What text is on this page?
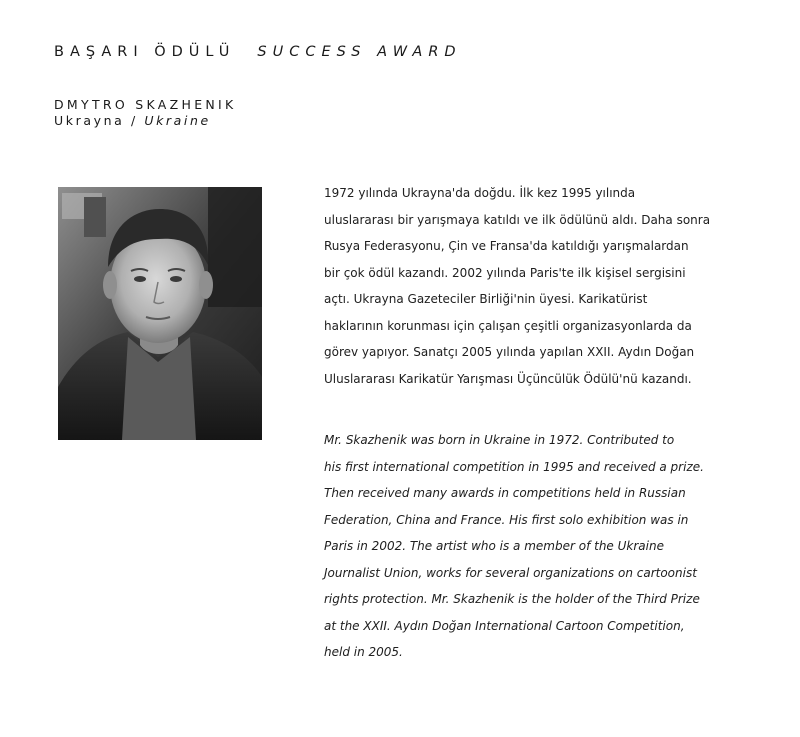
BAŞARI ÖDÜLÜ SUCCESS AWARD
DMYTRO SKAZHENIK
Ukrayna / Ukraine
1972 yılında Ukrayna'da doğdu. İlk kez 1995 yılında
uluslararası bir yarışmaya katıldı ve ilk ödülünü aldı. Daha sonra
Rusya Federasyonu, Çin ve Fransa'da katıldığı yarışmalardan
bir çok ödül kazandı. 2002 yılında Paris'te ilk kişisel sergisini
açtı. Ukrayna Gazeteciler Birliği'nin üyesi. Karikatürist
haklarının korunması için çalışan çeşitli organizasyonlarda da
görev yapıyor. Sanatçı 2005 yılında yapılan XXII. Aydın Doğan
Uluslararası Karikatür Yarışması Üçüncülük Ödülü'nü kazandı.
Mr. Skazhenik was born in Ukraine in 1972. Contributed to
his first international competition in 1995 and received a prize.
Then received many awards in competitions held in Russian
Federation, China and France. His first solo exhibition was in
Paris in 2002. The artist who is a member of the Ukraine
Journalist Union, works for several organizations on cartoonist
rights protection. Mr. Skazhenik is the holder of the Third Prize
at the XXII. Aydın Doğan International Cartoon Competition,
held in 2005.
